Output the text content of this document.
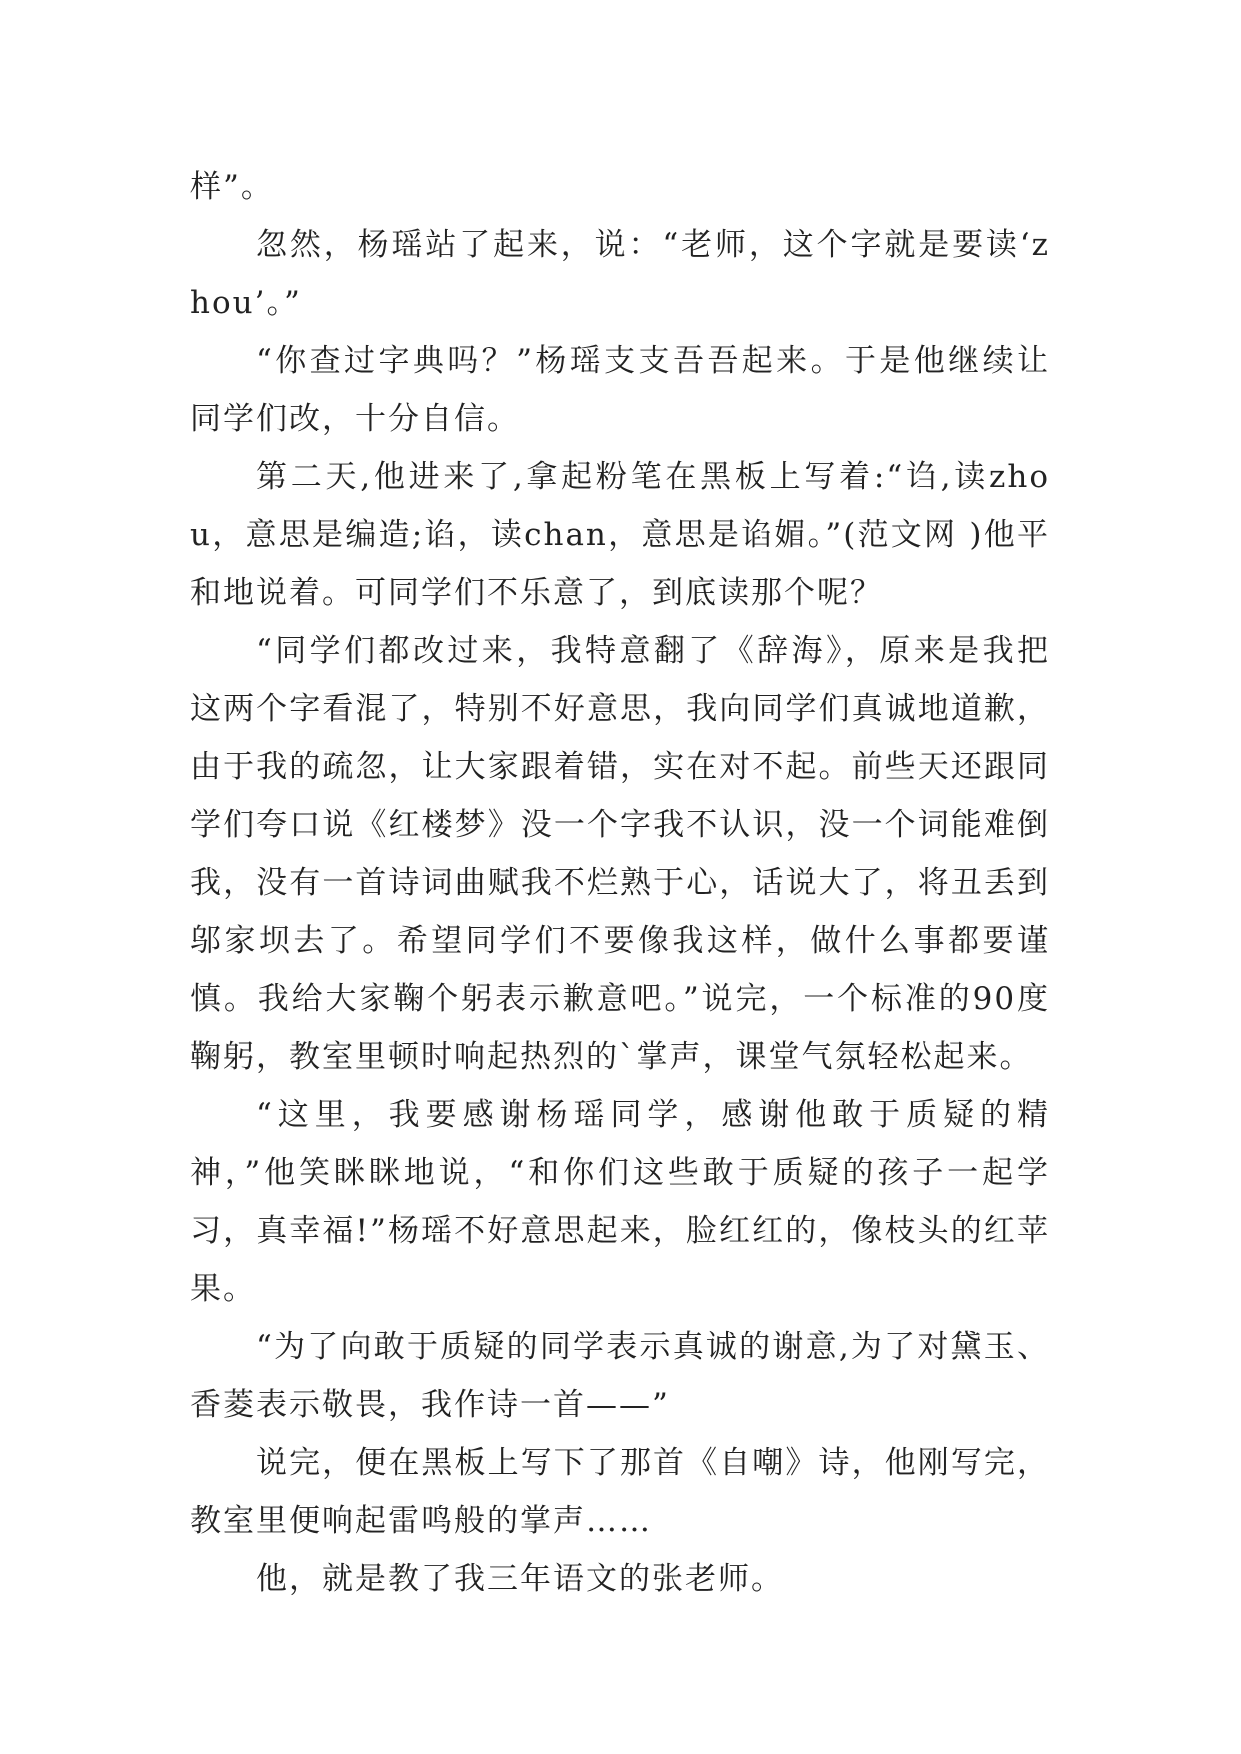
样”。

忽然，杨瑶站了起来，说：“老师，这个字就是要读‘zhou’。”

“你查过字典吗？”杨瑶支支吾吾起来。于是他继续让同学们改，十分自信。

第二天,他进来了,拿起粉笔在黑板上写着:“诌,读zhou，意思是编造;谄，读chan，意思是谄媚。”(范文网 )他平和地说着。可同学们不乐意了，到底读那个呢？

“同学们都改过来，我特意翻了《辞海》，原来是我把这两个字看混了，特别不好意思，我向同学们真诚地道歉，由于我的疏忽，让大家跟着错，实在对不起。前些天还跟同学们夸口说《红楼梦》没一个字我不认识，没一个词能难倒我，没有一首诗词曲赋我不烂熟于心，话说大了，将丑丢到邬家坝去了。希望同学们不要像我这样，做什么事都要谨慎。我给大家鞠个躬表示歉意吧。”说完，一个标准的90度鞠躬，教室里顿时响起热烈的`掌声，课堂气氛轻松起来。

“这里，我要感谢杨瑶同学，感谢他敢于质疑的精神，”他笑眯眯地说，“和你们这些敢于质疑的孩子一起学习，真幸福!”杨瑶不好意思起来，脸红红的，像枝头的红苹果。

“为了向敢于质疑的同学表示真诚的谢意,为了对黛玉、香菱表示敬畏，我作诗一首——”

说完，便在黑板上写下了那首《自嘲》诗，他刚写完，教室里便响起雷鸣般的掌声……

他，就是教了我三年语文的张老师。
